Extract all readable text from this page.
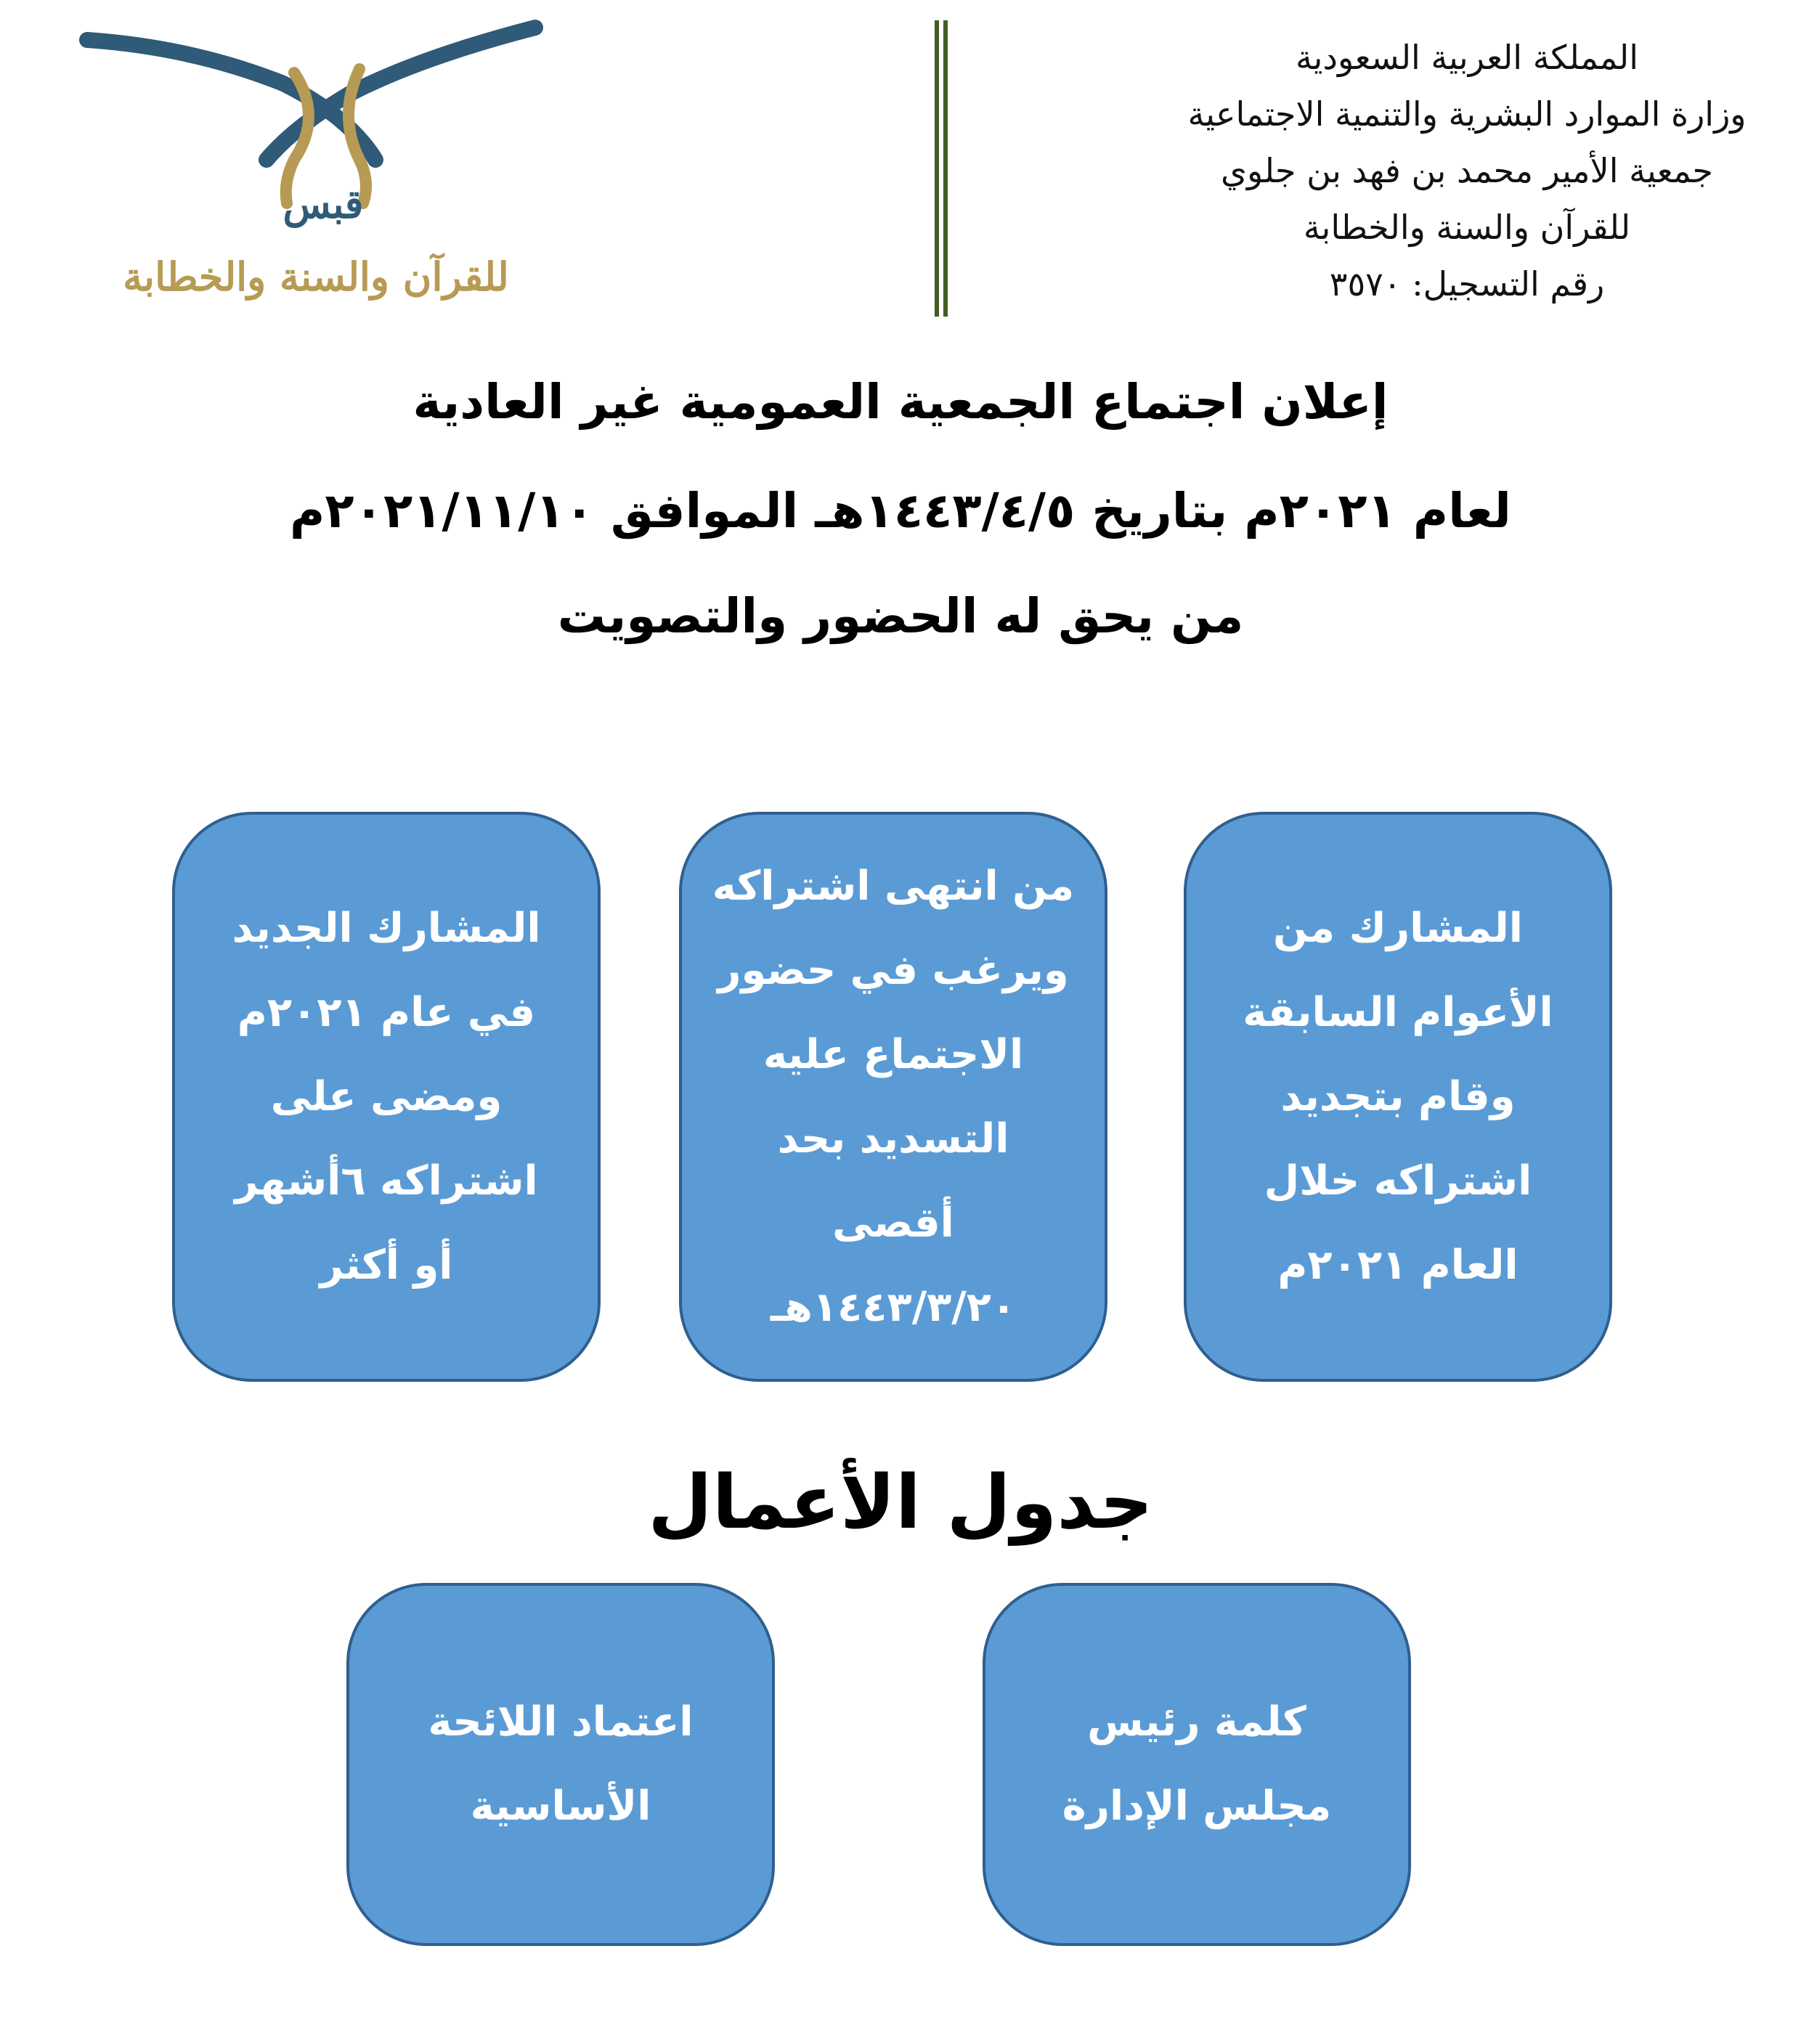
المملكة العربية السعودية
وزارة الموارد البشرية والتنمية الاجتماعية
جمعية الأمير محمد بن فهد بن جلوي
للقرآن والسنة والخطابة
رقم التسجيل: ٣٥٧٠
قبس
للقرآن والسنة والخطابة
إعلان اجتماع الجمعية العمومية غير العادية
لعام ٢٠٢١م بتاريخ ١٤٤٣/٤/٥هـ الموافق ٢٠٢١/١١/١٠م
من يحق له الحضور والتصويت
المشارك من
الأعوام السابقة
وقام بتجديد
اشتراكه خلال
العام ٢٠٢١م
من انتهى اشتراكه
ويرغب في حضور
الاجتماع عليه
التسديد بحد
أقصى
١٤٤٣/٣/٢٠هـ
المشارك الجديد
في عام ٢٠٢١م
ومضى على
اشتراكه ٦أشهر
أو أكثر
جدول الأعمال
كلمة رئيس
مجلس الإدارة
اعتماد اللائحة
الأساسية
